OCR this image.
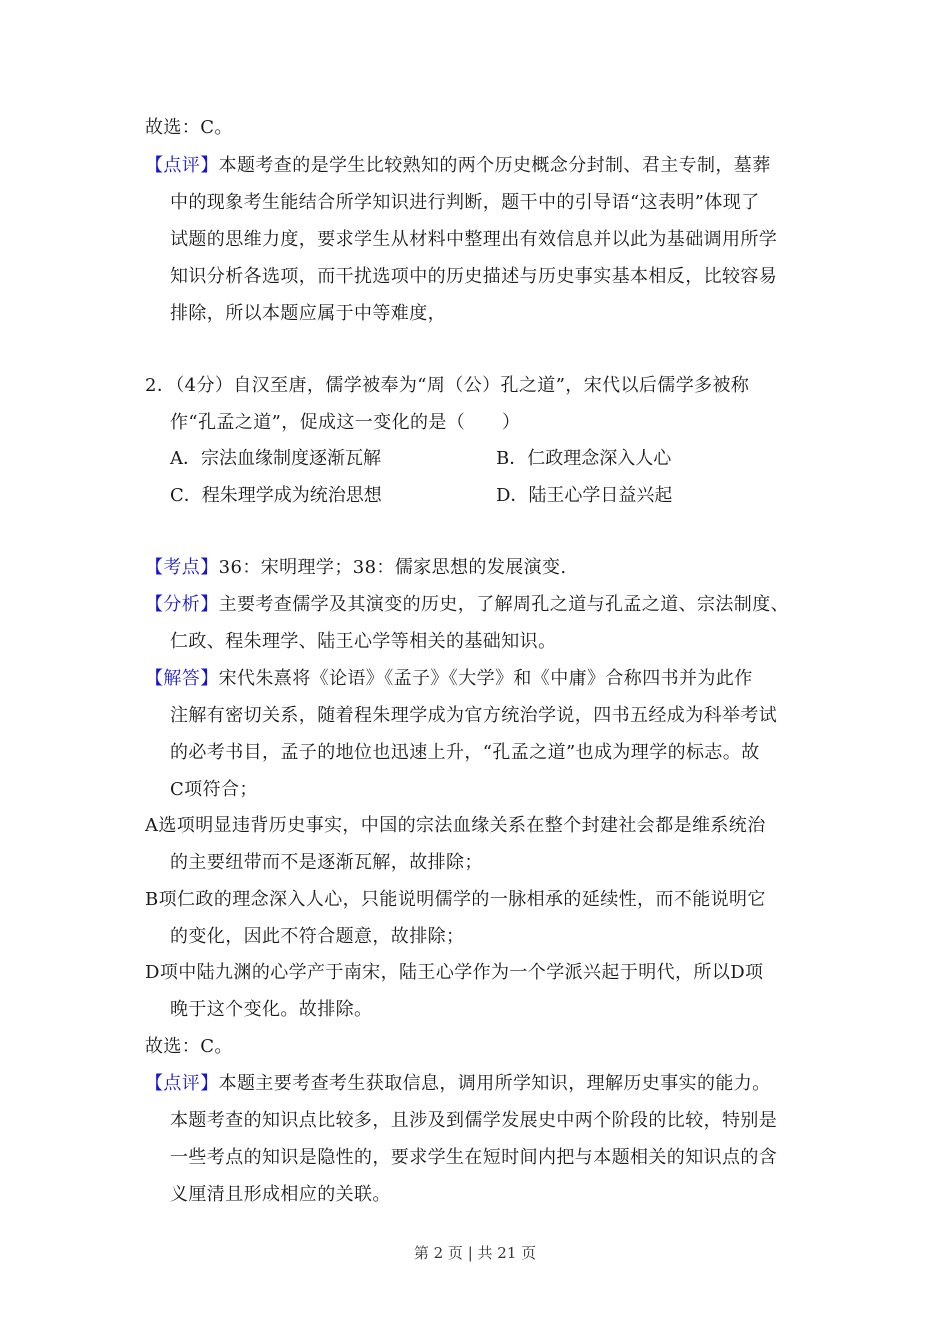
故选：C。
【点评】本题考查的是学生比较熟知的两个历史概念分封制、君主专制，墓葬
中的现象考生能结合所学知识进行判断，题干中的引导语“这表明”体现了
试题的思维力度，要求学生从材料中整理出有效信息并以此为基础调用所学
知识分析各选项，而干扰选项中的历史描述与历史事实基本相反，比较容易
排除，所以本题应属于中等难度，
2．（4分）自汉至唐，儒学被奉为“周（公）孔之道”，宋代以后儒学多被称
作“孔孟之道”，促成这一变化的是（　　）
A．宗法血缘制度逐渐瓦解	B．仁政理念深入人心
C．程朱理学成为统治思想	D．陆王心学日益兴起
【考点】36：宋明理学；38：儒家思想的发展演变.
【分析】主要考查儒学及其演变的历史，了解周孔之道与孔孟之道、宗法制度、
仁政、程朱理学、陆王心学等相关的基础知识。
【解答】宋代朱熹将《论语》《孟子》《大学》和《中庸》合称四书并为此作
注解有密切关系，随着程朱理学成为官方统治学说，四书五经成为科举考试
的必考书目，孟子的地位也迅速上升，“孔孟之道”也成为理学的标志。故
C项符合；
A选项明显违背历史事实，中国的宗法血缘关系在整个封建社会都是维系统治
的主要纽带而不是逐渐瓦解，故排除；
B项仁政的理念深入人心，只能说明儒学的一脉相承的延续性，而不能说明它
的变化，因此不符合题意，故排除；
D项中陆九渊的心学产于南宋，陆王心学作为一个学派兴起于明代，所以D项
晚于这个变化。故排除。
故选：C。
【点评】本题主要考查考生获取信息，调用所学知识，理解历史事实的能力。
本题考查的知识点比较多，且涉及到儒学发展史中两个阶段的比较，特别是
一些考点的知识是隐性的，要求学生在短时间内把与本题相关的知识点的含
义厘清且形成相应的关联。
第 2 页 | 共 21 页
